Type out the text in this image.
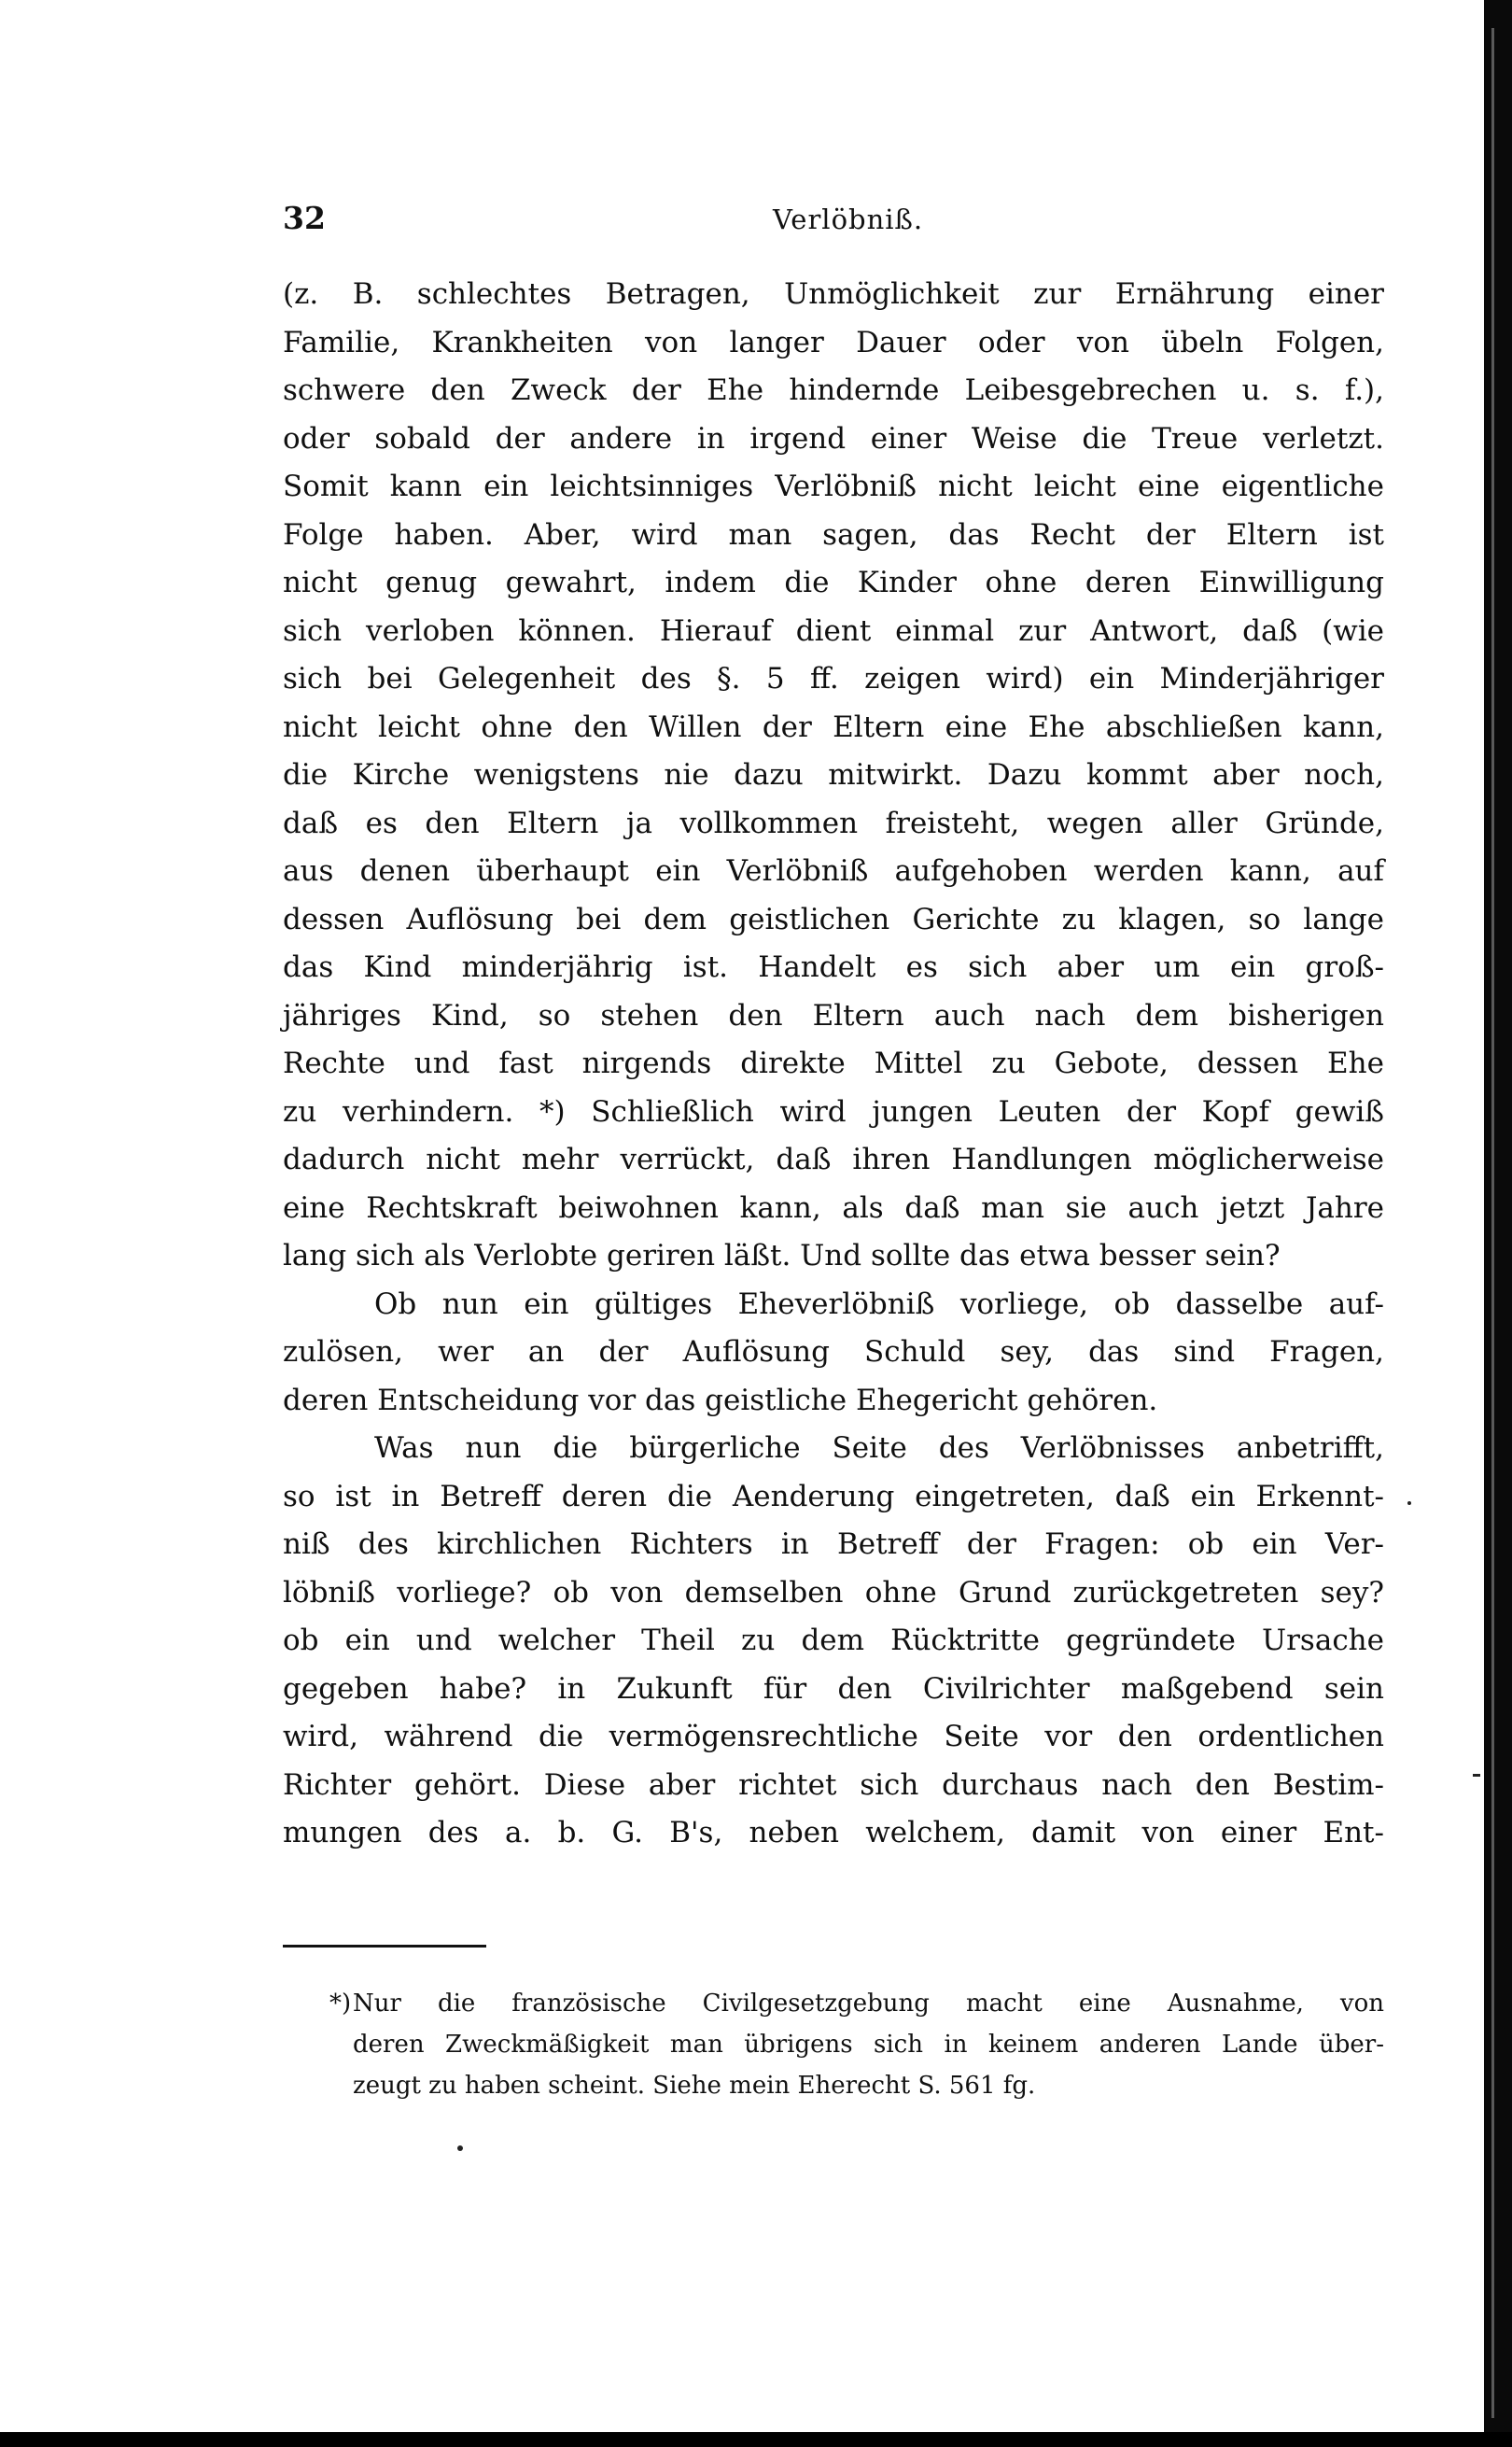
32	Verlöbniß.
(z. B. schlechtes Betragen, Unmöglichkeit zur Ernährung einer
Familie, Krankheiten von langer Dauer oder von übeln Folgen,
schwere den Zweck der Ehe hindernde Leibesgebrechen u. s. f.),
oder sobald der andere in irgend einer Weise die Treue verletzt.
Somit kann ein leichtsinniges Verlöbniß nicht leicht eine eigentliche
Folge haben. Aber, wird man sagen, das Recht der Eltern ist
nicht genug gewahrt, indem die Kinder ohne deren Einwilligung
sich verloben können. Hierauf dient einmal zur Antwort, daß (wie
sich bei Gelegenheit des §. 5 ff. zeigen wird) ein Minderjähriger
nicht leicht ohne den Willen der Eltern eine Ehe abschließen kann,
die Kirche wenigstens nie dazu mitwirkt. Dazu kommt aber noch,
daß es den Eltern ja vollkommen freisteht, wegen aller Gründe,
aus denen überhaupt ein Verlöbniß aufgehoben werden kann, auf
dessen Auflösung bei dem geistlichen Gerichte zu klagen, so lange
das Kind minderjährig ist. Handelt es sich aber um ein groß-
jähriges Kind, so stehen den Eltern auch nach dem bisherigen
Rechte und fast nirgends direkte Mittel zu Gebote, dessen Ehe
zu verhindern. *) Schließlich wird jungen Leuten der Kopf gewiß
dadurch nicht mehr verrückt, daß ihren Handlungen möglicherweise
eine Rechtskraft beiwohnen kann, als daß man sie auch jetzt Jahre
lang sich als Verlobte geriren läßt. Und sollte das etwa besser sein?
Ob nun ein gültiges Eheverlöbniß vorliege, ob dasselbe auf-
zulösen, wer an der Auflösung Schuld sey, das sind Fragen,
deren Entscheidung vor das geistliche Ehegericht gehören.
Was nun die bürgerliche Seite des Verlöbnisses anbetrifft,
so ist in Betreff deren die Aenderung eingetreten, daß ein Erkennt-
niß des kirchlichen Richters in Betreff der Fragen: ob ein Ver-
löbniß vorliege? ob von demselben ohne Grund zurückgetreten sey?
ob ein und welcher Theil zu dem Rücktritte gegründete Ursache
gegeben habe? in Zukunft für den Civilrichter maßgebend sein
wird, während die vermögensrechtliche Seite vor den ordentlichen
Richter gehört. Diese aber richtet sich durchaus nach den Bestim-
mungen des a. b. G. B's, neben welchem, damit von einer Ent-
*) Nur die französische Civilgesetzgebung macht eine Ausnahme, von
deren Zweckmäßigkeit man übrigens sich in keinem anderen Lande über-
zeugt zu haben scheint. Siehe mein Eherecht S. 561 fg.
